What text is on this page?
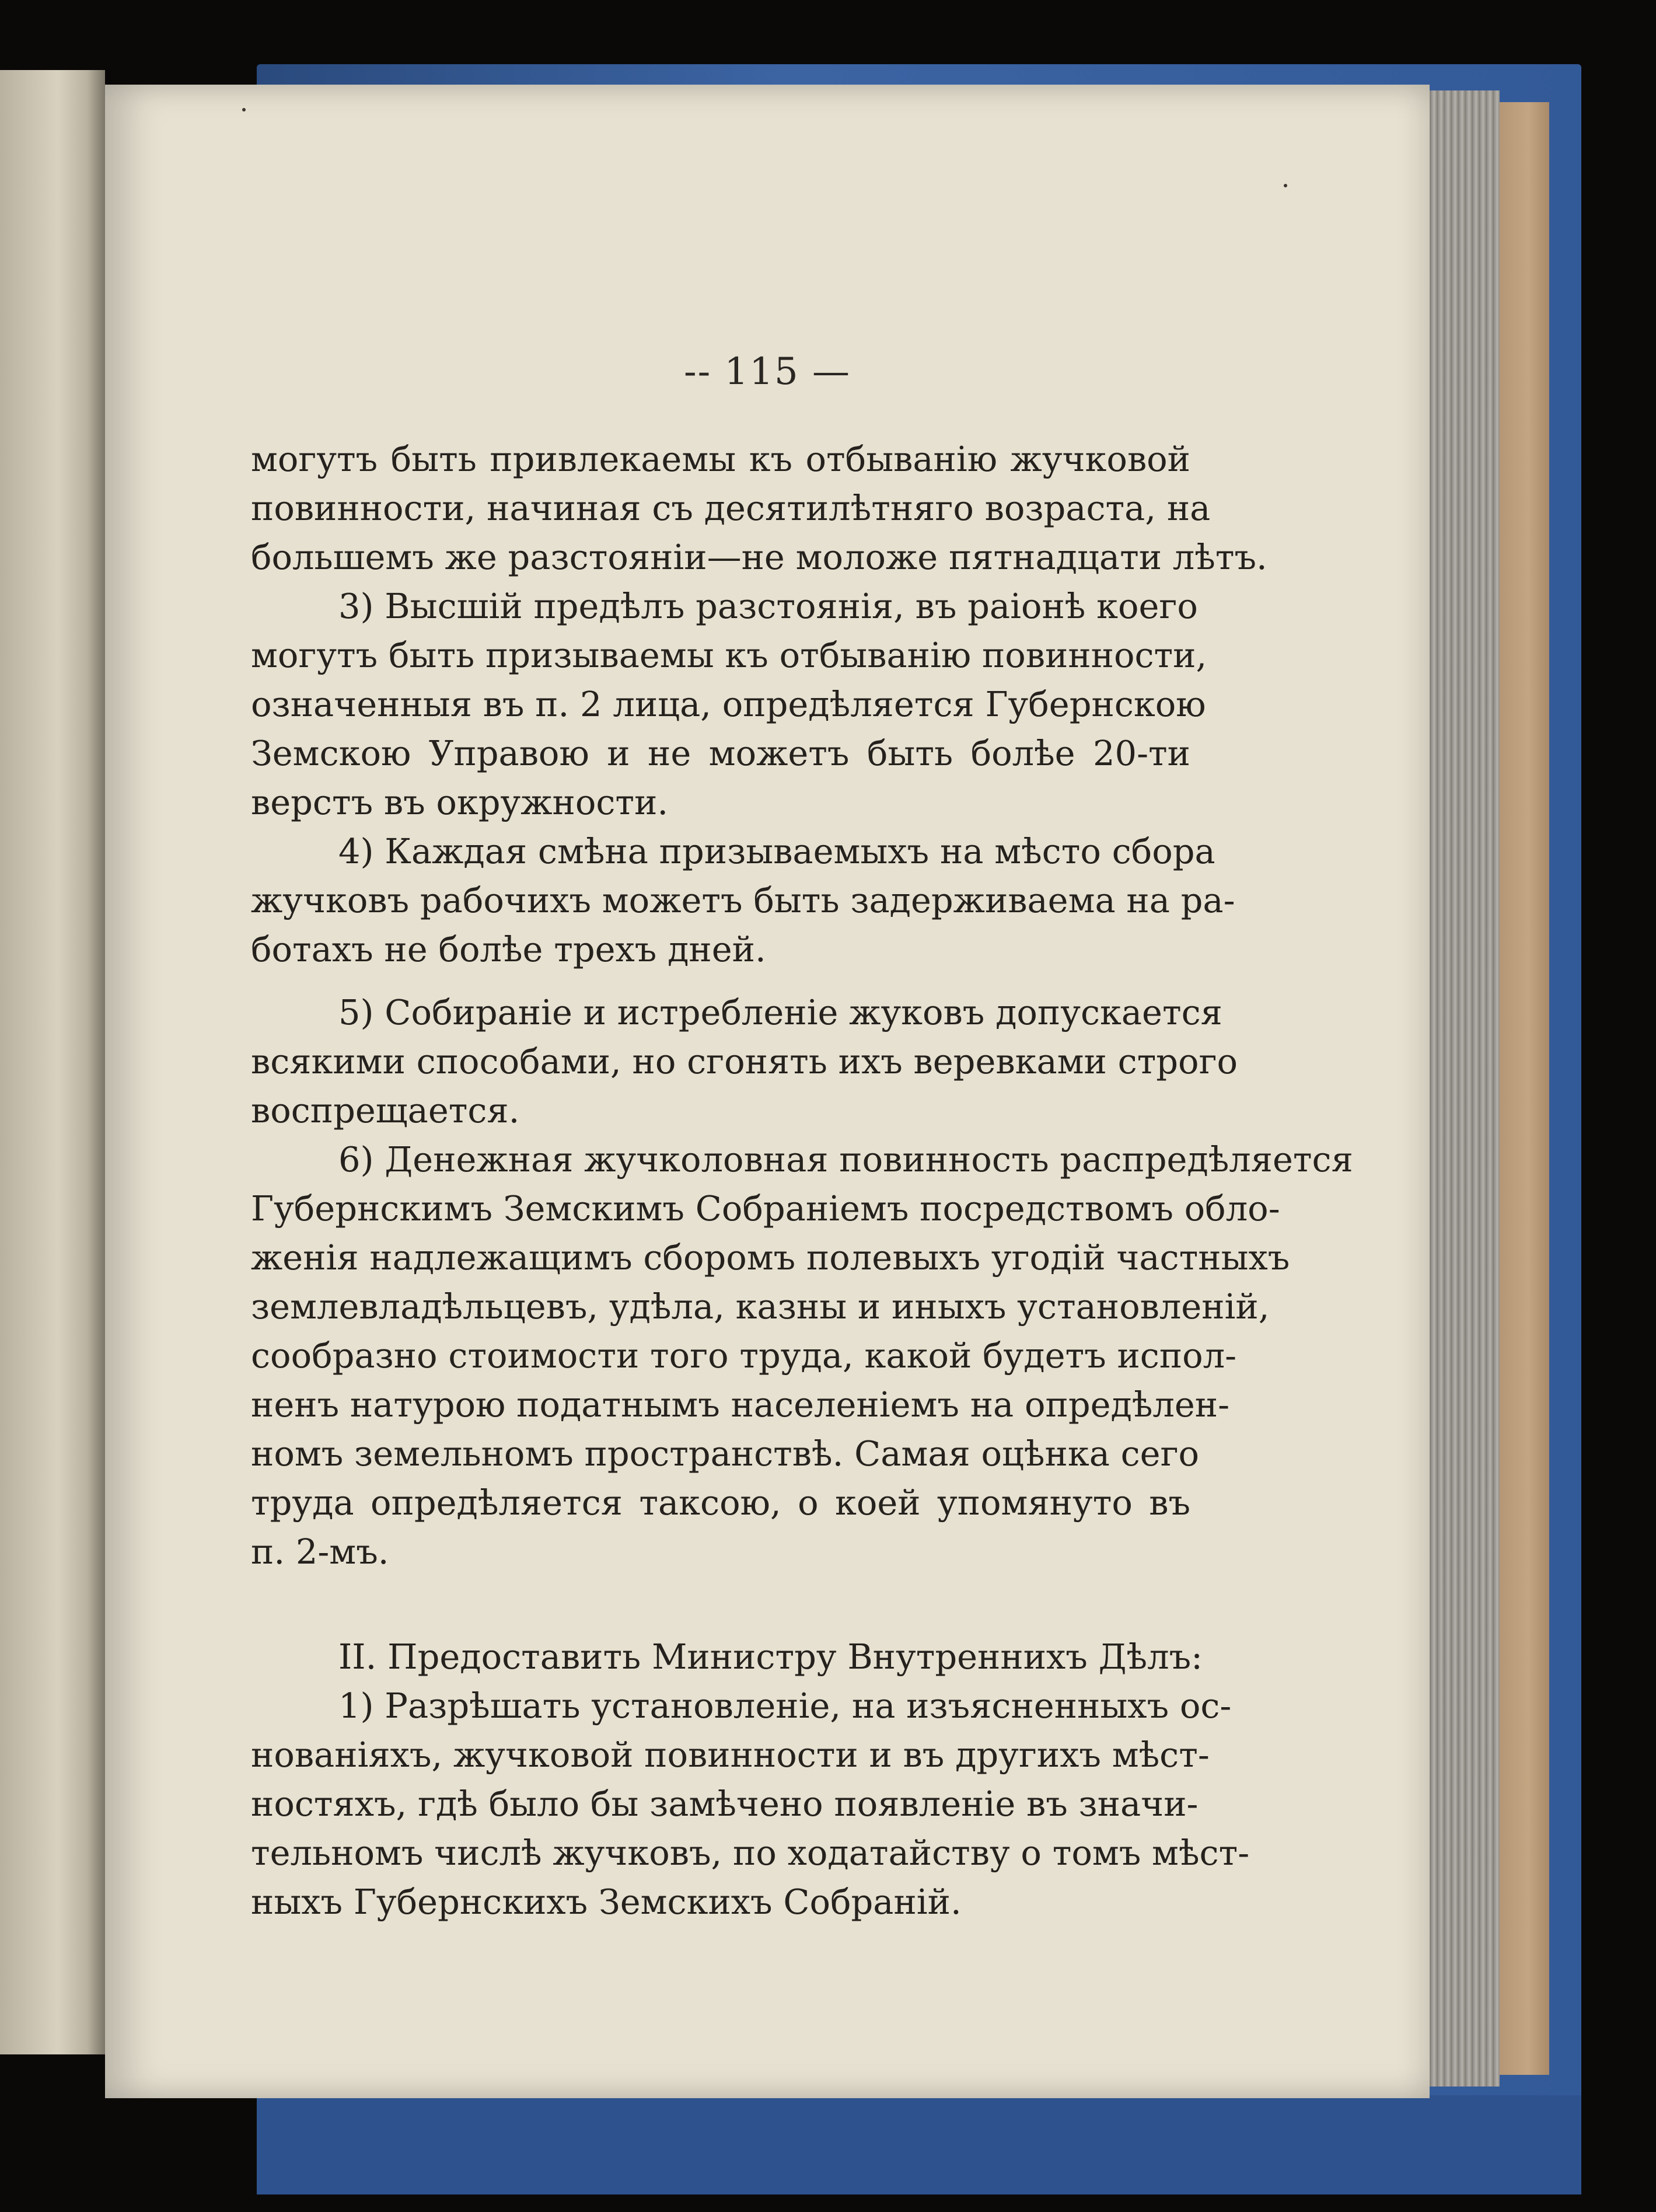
-- 115 —
могутъ быть привлекаемы къ отбыванію жучковой
повинности, начиная съ десятилѣтняго возраста, на
большемъ же разстояніи—не моложе пятнадцати лѣтъ.
3) Высшій предѣлъ разстоянія, въ раіонѣ коего
могутъ быть призываемы къ отбыванію повинности,
означенныя въ п. 2 лица, опредѣляется Губернскою
Земскою Управою и не можетъ быть болѣе 20-ти
верстъ въ окружности.
4) Каждая смѣна призываемыхъ на мѣсто сбора
жучковъ рабочихъ можетъ быть задерживаема на ра-
ботахъ не болѣе трехъ дней.
5) Собираніе и истребленіе жуковъ допускается
всякими способами, но сгонять ихъ веревками строго
воспрещается.
6) Денежная жучколовная повинность распредѣляется
Губернскимъ Земскимъ Собраніемъ посредствомъ обло-
женія надлежащимъ сборомъ полевыхъ угодій частныхъ
землевладѣльцевъ, удѣла, казны и иныхъ установленій,
сообразно стоимости того труда, какой будетъ испол-
ненъ натурою податнымъ населеніемъ на опредѣлен-
номъ земельномъ пространствѣ. Самая оцѣнка сего
труда опредѣляется таксою, о коей упомянуто въ
п. 2-мъ.
II. Предоставить Министру Внутреннихъ Дѣлъ:
1) Разрѣшать установленіе, на изъясненныхъ ос-
нованіяхъ, жучковой повинности и въ другихъ мѣст-
ностяхъ, гдѣ было бы замѣчено появленіе въ значи-
тельномъ числѣ жучковъ, по ходатайству о томъ мѣст-
ныхъ Губернскихъ Земскихъ Собраній.
